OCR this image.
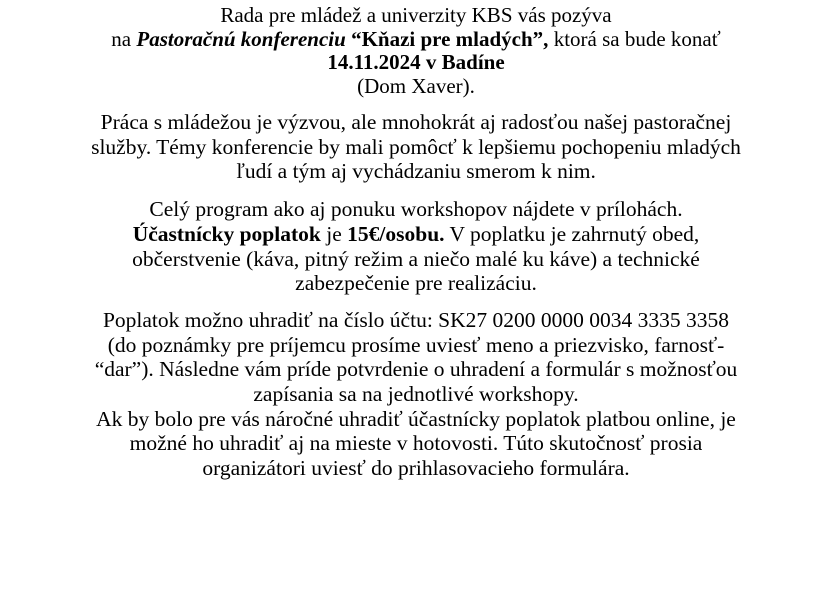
Rada pre mládež a univerzity KBS vás pozýva
na Pastoračnú konferenciu “Kňazi pre mladých”, ktorá sa bude konať
14.11.2024 v Badíne
(Dom Xaver).
Práca s mládežou je výzvou, ale mnohokrát aj radosťou našej pastoračnej
služby. Témy konferencie by mali pomôcť k lepšiemu pochopeniu mladých
ľudí a tým aj vychádzaniu smerom k nim.
Celý program ako aj ponuku workshopov nájdete v prílohách.
Účastnícky poplatok je 15€/osobu. V poplatku je zahrnutý obed,
občerstvenie (káva, pitný režim a niečo malé ku káve) a technické
zabezpečenie pre realizáciu.
Poplatok možno uhradiť na číslo účtu: SK27 0200 0000 0034 3335 3358
(do poznámky pre príjemcu prosíme uviesť meno a priezvisko, farnosť-
“dar”). Následne vám príde potvrdenie o uhradení a formulár s možnosťou
zapísania sa na jednotlivé workshopy.
Ak by bolo pre vás náročné uhradiť účastnícky poplatok platbou online, je
možné ho uhradiť aj na mieste v hotovosti. Túto skutočnosť prosia
organizátori uviesť do prihlasovacieho formulára.
